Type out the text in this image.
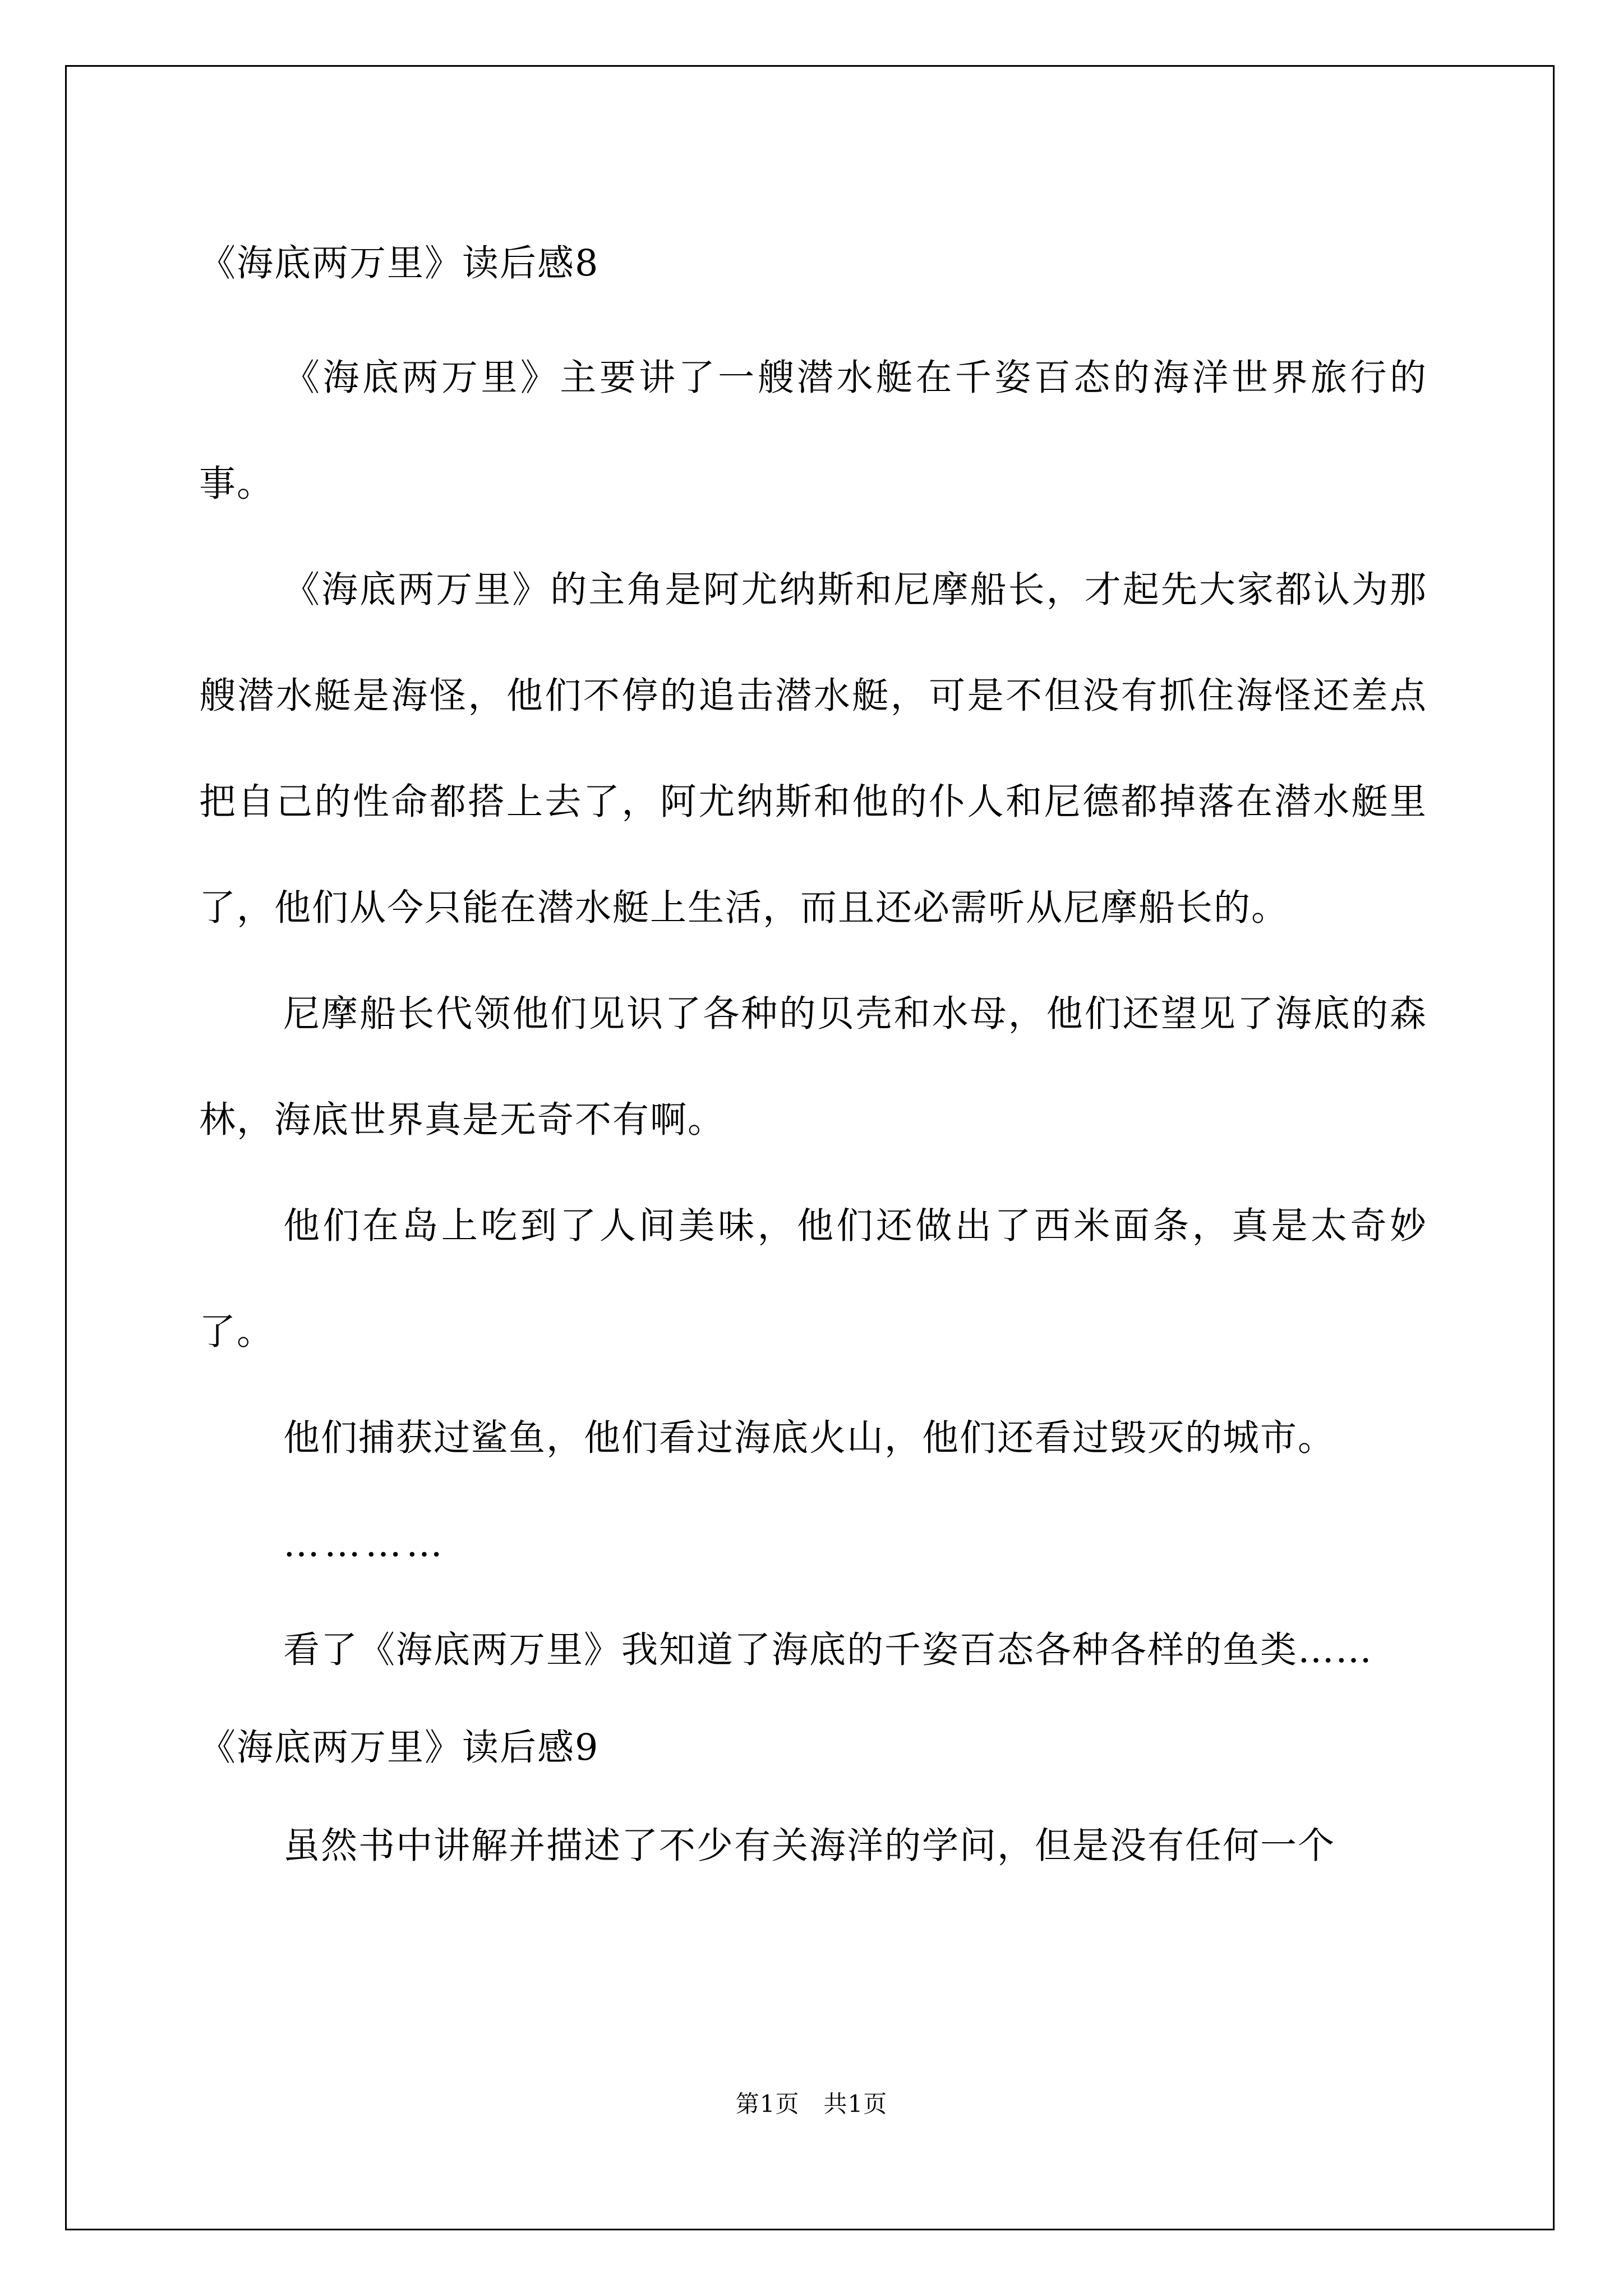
《海底两万里》读后感8

《海底两万里》主要讲了一艘潜水艇在千姿百态的海洋世界旅行的事。

《海底两万里》的主角是阿尤纳斯和尼摩船长，才起先大家都认为那艘潜水艇是海怪，他们不停的追击潜水艇，可是不但没有抓住海怪还差点把自己的性命都搭上去了，阿尤纳斯和他的仆人和尼德都掉落在潜水艇里了，他们从今只能在潜水艇上生活，而且还必需听从尼摩船长的。

尼摩船长代领他们见识了各种的贝壳和水母，他们还望见了海底的森林，海底世界真是无奇不有啊。

他们在岛上吃到了人间美味，他们还做出了西米面条，真是太奇妙了。

他们捕获过鲨鱼，他们看过海底火山，他们还看过毁灭的城市。

…………

看了《海底两万里》我知道了海底的千姿百态各种各样的鱼类……

《海底两万里》读后感9

虽然书中讲解并描述了不少有关海洋的学问，但是没有任何一个

第1页　共1页
